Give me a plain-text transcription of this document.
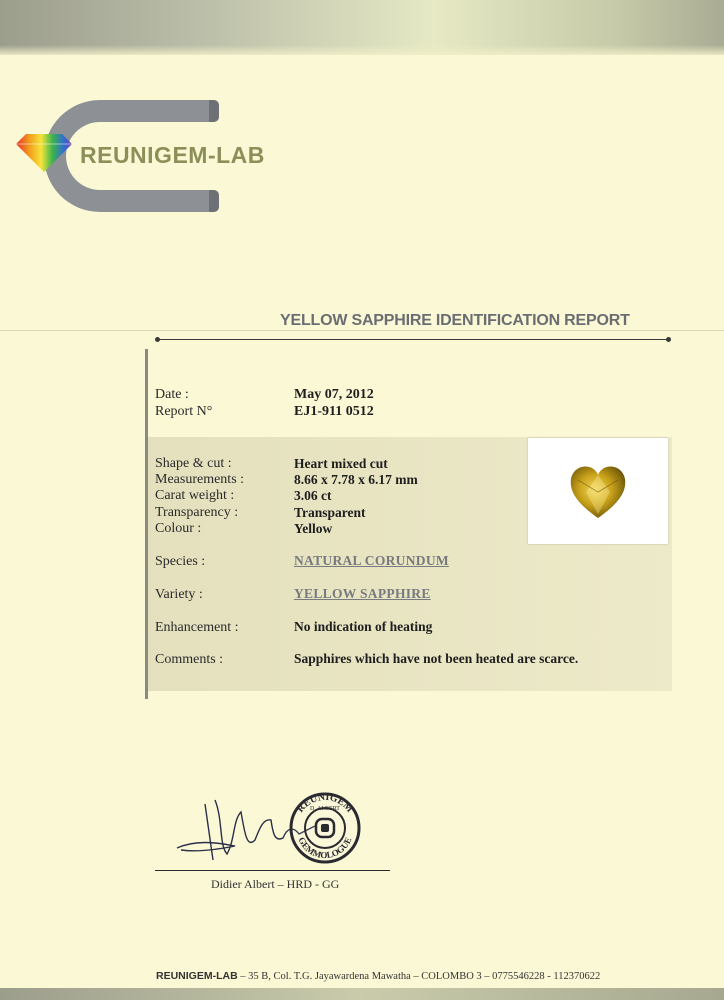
REUNIGEM-LAB
YELLOW SAPPHIRE IDENTIFICATION REPORT
Date :	May 07, 2012
Report N°	EJ1-911 0512
Shape & cut :	Heart mixed cut
Measurements :	8.66 x 7.78 x 6.17 mm
Carat weight :	3.06 ct
Transparency :	Transparent
Colour :	Yellow
Species :	NATURAL CORUNDUM
Variety :	YELLOW SAPPHIRE
Enhancement :	No indication of heating
Comments :	Sapphires which have not been heated are scarce.
REUNIGEM
GEMMOLOGUE
D. ALBERT
Didier Albert – HRD - GG
REUNIGEM-LAB – 35 B, Col. T.G. Jayawardena Mawatha – COLOMBO 3 – 0775546228 - 112370622
